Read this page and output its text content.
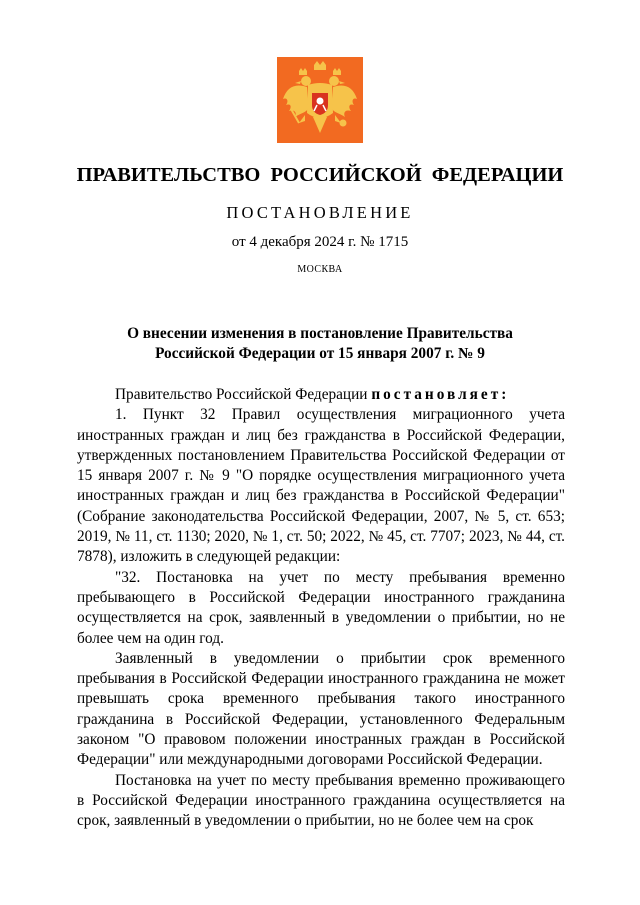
ПРАВИТЕЛЬСТВО РОССИЙСКОЙ ФЕДЕРАЦИИ
ПОСТАНОВЛЕНИЕ
от 4 декабря 2024 г. № 1715
МОСКВА
О внесении изменения в постановление Правительства
Российской Федерации от 15 января 2007 г. № 9

Правительство Российской Федерации постановляет:

1. Пункт 32 Правил осуществления миграционного учета иностранных граждан и лиц без гражданства в Российской Федерации, утвержденных постановлением Правительства Российской Федерации от 15 января 2007 г. № 9 "О порядке осуществления миграционного учета иностранных граждан и лиц без гражданства в Российской Федерации" (Собрание законодательства Российской Федерации, 2007, № 5, ст. 653; 2019, № 11, ст. 1130; 2020, № 1, ст. 50; 2022, № 45, ст. 7707; 2023, № 44, ст. 7878), изложить в следующей редакции:

"32. Постановка на учет по месту пребывания временно пребывающего в Российской Федерации иностранного гражданина осуществляется на срок, заявленный в уведомлении о прибытии, но не более чем на один год.

Заявленный в уведомлении о прибытии срок временного пребывания в Российской Федерации иностранного гражданина не может превышать срока временного пребывания такого иностранного гражданина в Российской Федерации, установленного Федеральным законом "О правовом положении иностранных граждан в Российской Федерации" или международными договорами Российской Федерации.

Постановка на учет по месту пребывания временно проживающего в Российской Федерации иностранного гражданина осуществляется на срок, заявленный в уведомлении о прибытии, но не более чем на срок
